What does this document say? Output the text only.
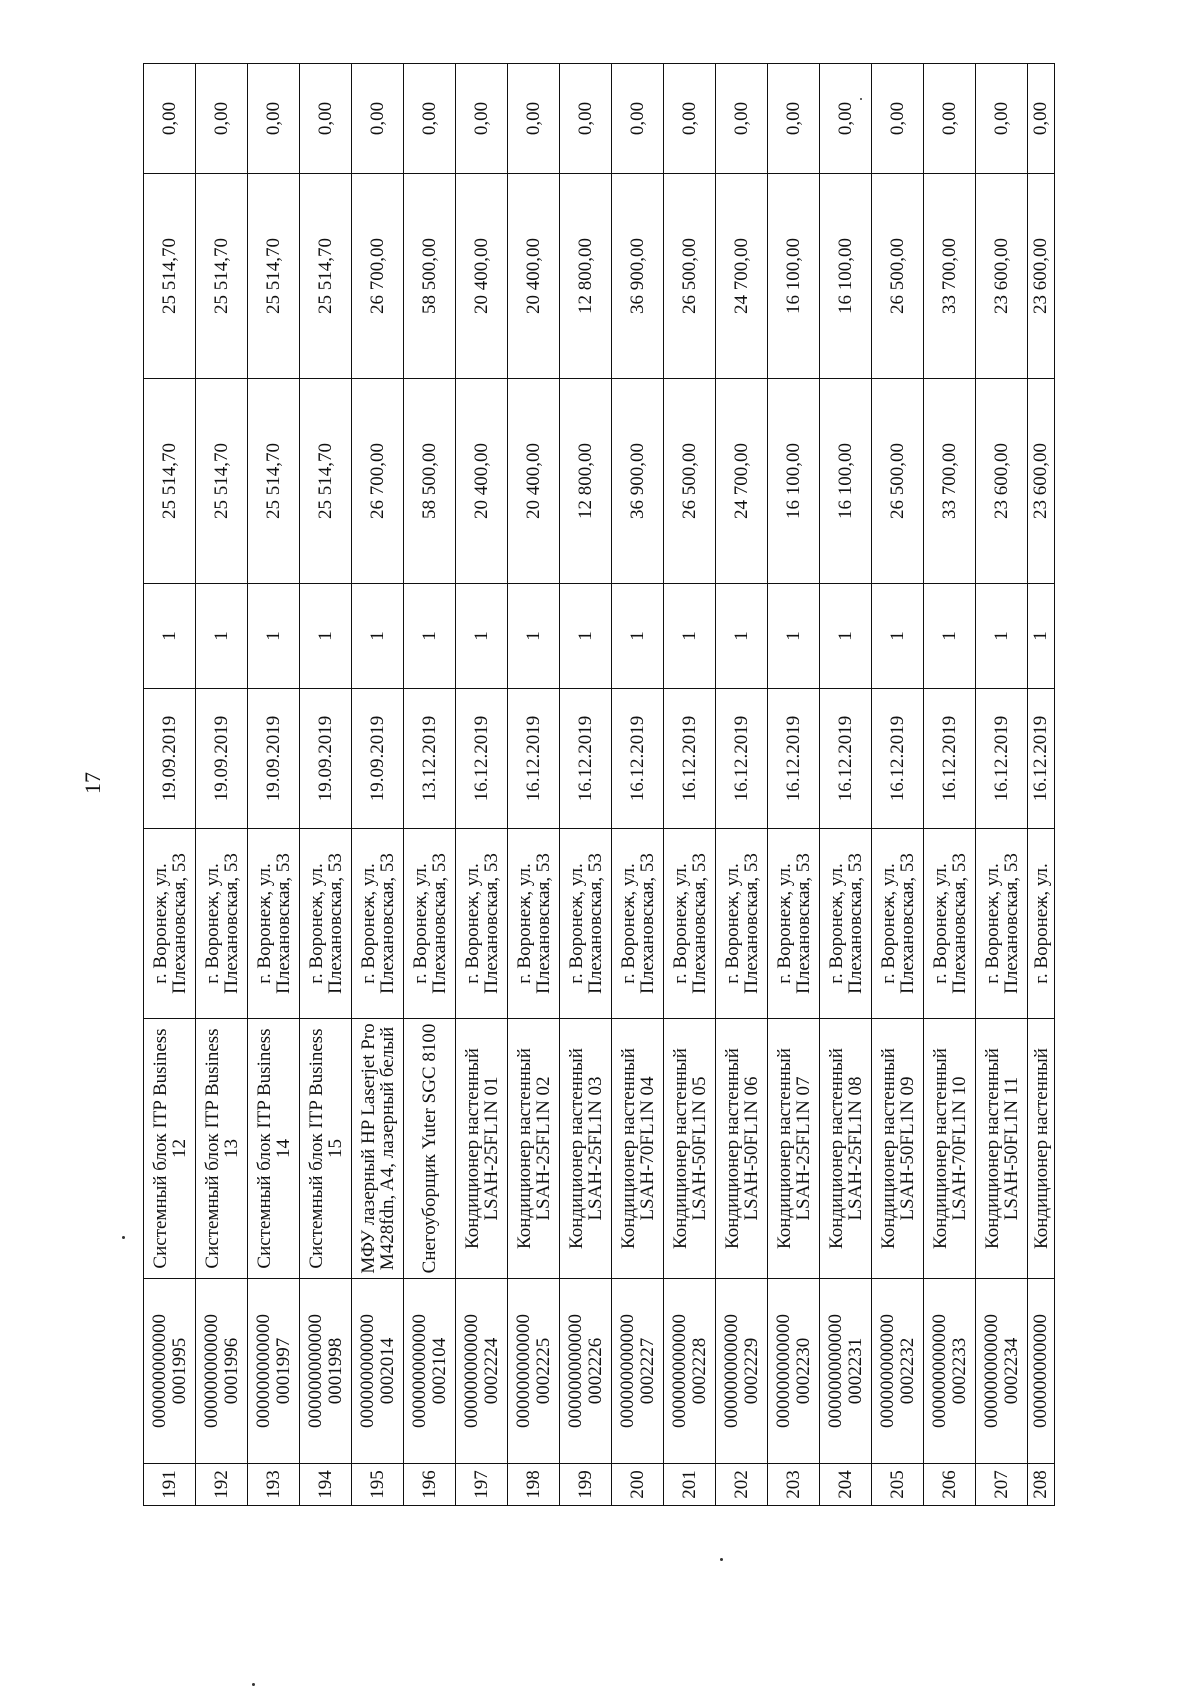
17
191	000000000000 0001995	Системный блок ITP Business 12	г. Воронеж, ул. Плехановская, 53	19.09.2019	1	25 514,70	25 514,70	0,00
192	000000000000 0001996	Системный блок ITP Business 13	г. Воронеж, ул. Плехановская, 53	19.09.2019	1	25 514,70	25 514,70	0,00
193	000000000000 0001997	Системный блок ITP Business 14	г. Воронеж, ул. Плехановская, 53	19.09.2019	1	25 514,70	25 514,70	0,00
194	000000000000 0001998	Системный блок ITP Business 15	г. Воронеж, ул. Плехановская, 53	19.09.2019	1	25 514,70	25 514,70	0,00
195	000000000000 0002014	МФУ лазерный HP Laserjet Pro M428fdn, A4, лазерный белый	г. Воронеж, ул. Плехановская, 53	19.09.2019	1	26 700,00	26 700,00	0,00
196	000000000000 0002104	Снегоуборщик Yuter SGC 8100	г. Воронеж, ул. Плехановская, 53	13.12.2019	1	58 500,00	58 500,00	0,00
197	000000000000 0002224	Кондиционер настенный LSAH-25FL1N 01	г. Воронеж, ул. Плехановская, 53	16.12.2019	1	20 400,00	20 400,00	0,00
198	000000000000 0002225	Кондиционер настенный LSAH-25FL1N 02	г. Воронеж, ул. Плехановская, 53	16.12.2019	1	20 400,00	20 400,00	0,00
199	000000000000 0002226	Кондиционер настенный LSAH-25FL1N 03	г. Воронеж, ул. Плехановская, 53	16.12.2019	1	12 800,00	12 800,00	0,00
200	000000000000 0002227	Кондиционер настенный LSAH-70FL1N 04	г. Воронеж, ул. Плехановская, 53	16.12.2019	1	36 900,00	36 900,00	0,00
201	000000000000 0002228	Кондиционер настенный LSAH-50FL1N 05	г. Воронеж, ул. Плехановская, 53	16.12.2019	1	26 500,00	26 500,00	0,00
202	000000000000 0002229	Кондиционер настенный LSAH-50FL1N 06	г. Воронеж, ул. Плехановская, 53	16.12.2019	1	24 700,00	24 700,00	0,00
203	000000000000 0002230	Кондиционер настенный LSAH-25FL1N 07	г. Воронеж, ул. Плехановская, 53	16.12.2019	1	16 100,00	16 100,00	0,00
204	000000000000 0002231	Кондиционер настенный LSAH-25FL1N 08	г. Воронеж, ул. Плехановская, 53	16.12.2019	1	16 100,00	16 100,00	0,00
205	000000000000 0002232	Кондиционер настенный LSAH-50FL1N 09	г. Воронеж, ул. Плехановская, 53	16.12.2019	1	26 500,00	26 500,00	0,00
206	000000000000 0002233	Кондиционер настенный LSAH-70FL1N 10	г. Воронеж, ул. Плехановская, 53	16.12.2019	1	33 700,00	33 700,00	0,00
207	000000000000 0002234	Кондиционер настенный LSAH-50FL1N 11	г. Воронеж, ул. Плехановская, 53	16.12.2019	1	23 600,00	23 600,00	0,00
208	000000000000	Кондиционер настенный	г. Воронеж, ул.	16.12.2019	1	23 600,00	23 600,00	0,00
